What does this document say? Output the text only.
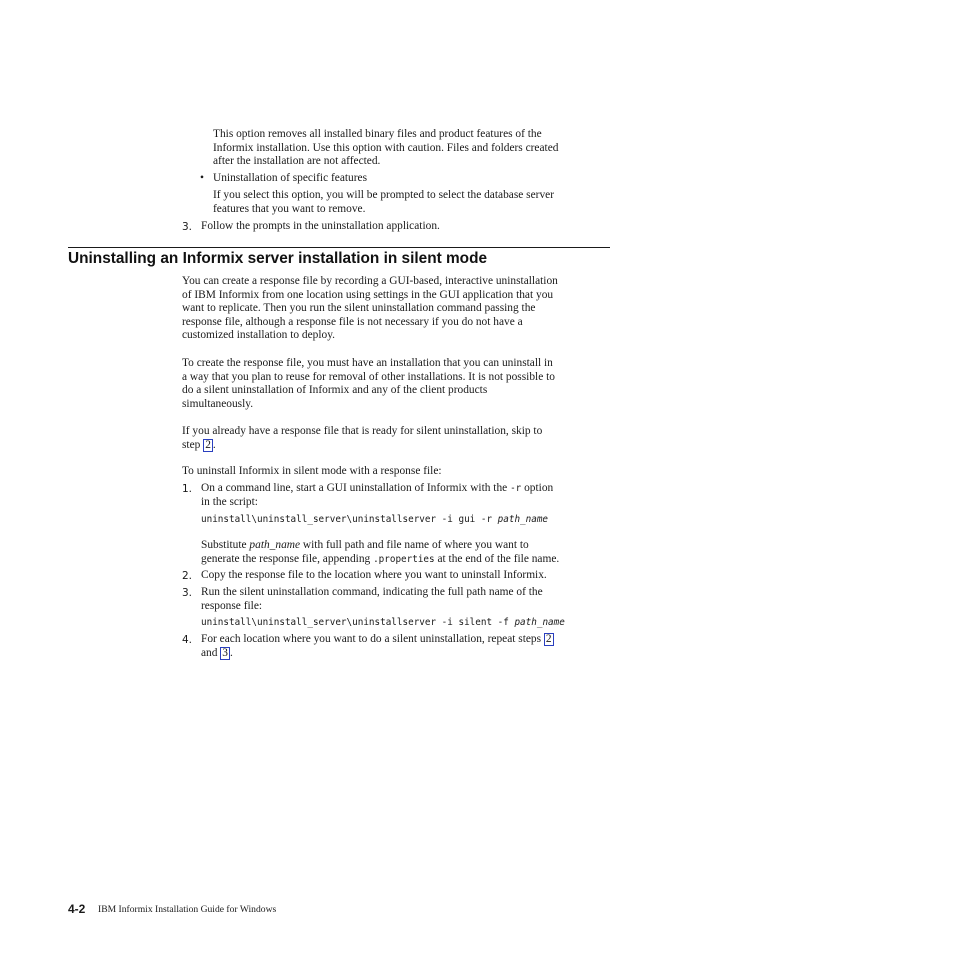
This option removes all installed binary files and product features of the
Informix installation. Use this option with caution. Files and folders created
after the installation are not affected.
• Uninstallation of specific features
If you select this option, you will be prompted to select the database server
features that you want to remove.
3. Follow the prompts in the uninstallation application.
Uninstalling an Informix server installation in silent mode
You can create a response file by recording a GUI-based, interactive uninstallation
of IBM Informix from one location using settings in the GUI application that you
want to replicate. Then you run the silent uninstallation command passing the
response file, although a response file is not necessary if you do not have a
customized installation to deploy.
To create the response file, you must have an installation that you can uninstall in
a way that you plan to reuse for removal of other installations. It is not possible to
do a silent uninstallation of Informix and any of the client products
simultaneously.
If you already have a response file that is ready for silent uninstallation, skip to
step 2 .
To uninstall Informix in silent mode with a response file:
1. On a command line, start a GUI uninstallation of Informix with the -r option
in the script:
uninstall\uninstall_server\uninstallserver -i gui -r path_name
Substitute path_name with full path and file name of where you want to
generate the response file, appending .properties at the end of the file name.
2. Copy the response file to the location where you want to uninstall Informix.
3. Run the silent uninstallation command, indicating the full path name of the
response file:
uninstall\uninstall_server\uninstallserver -i silent -f path_name
4. For each location where you want to do a silent uninstallation, repeat steps 2
and 3 .
4-2 IBM Informix Installation Guide for Windows
